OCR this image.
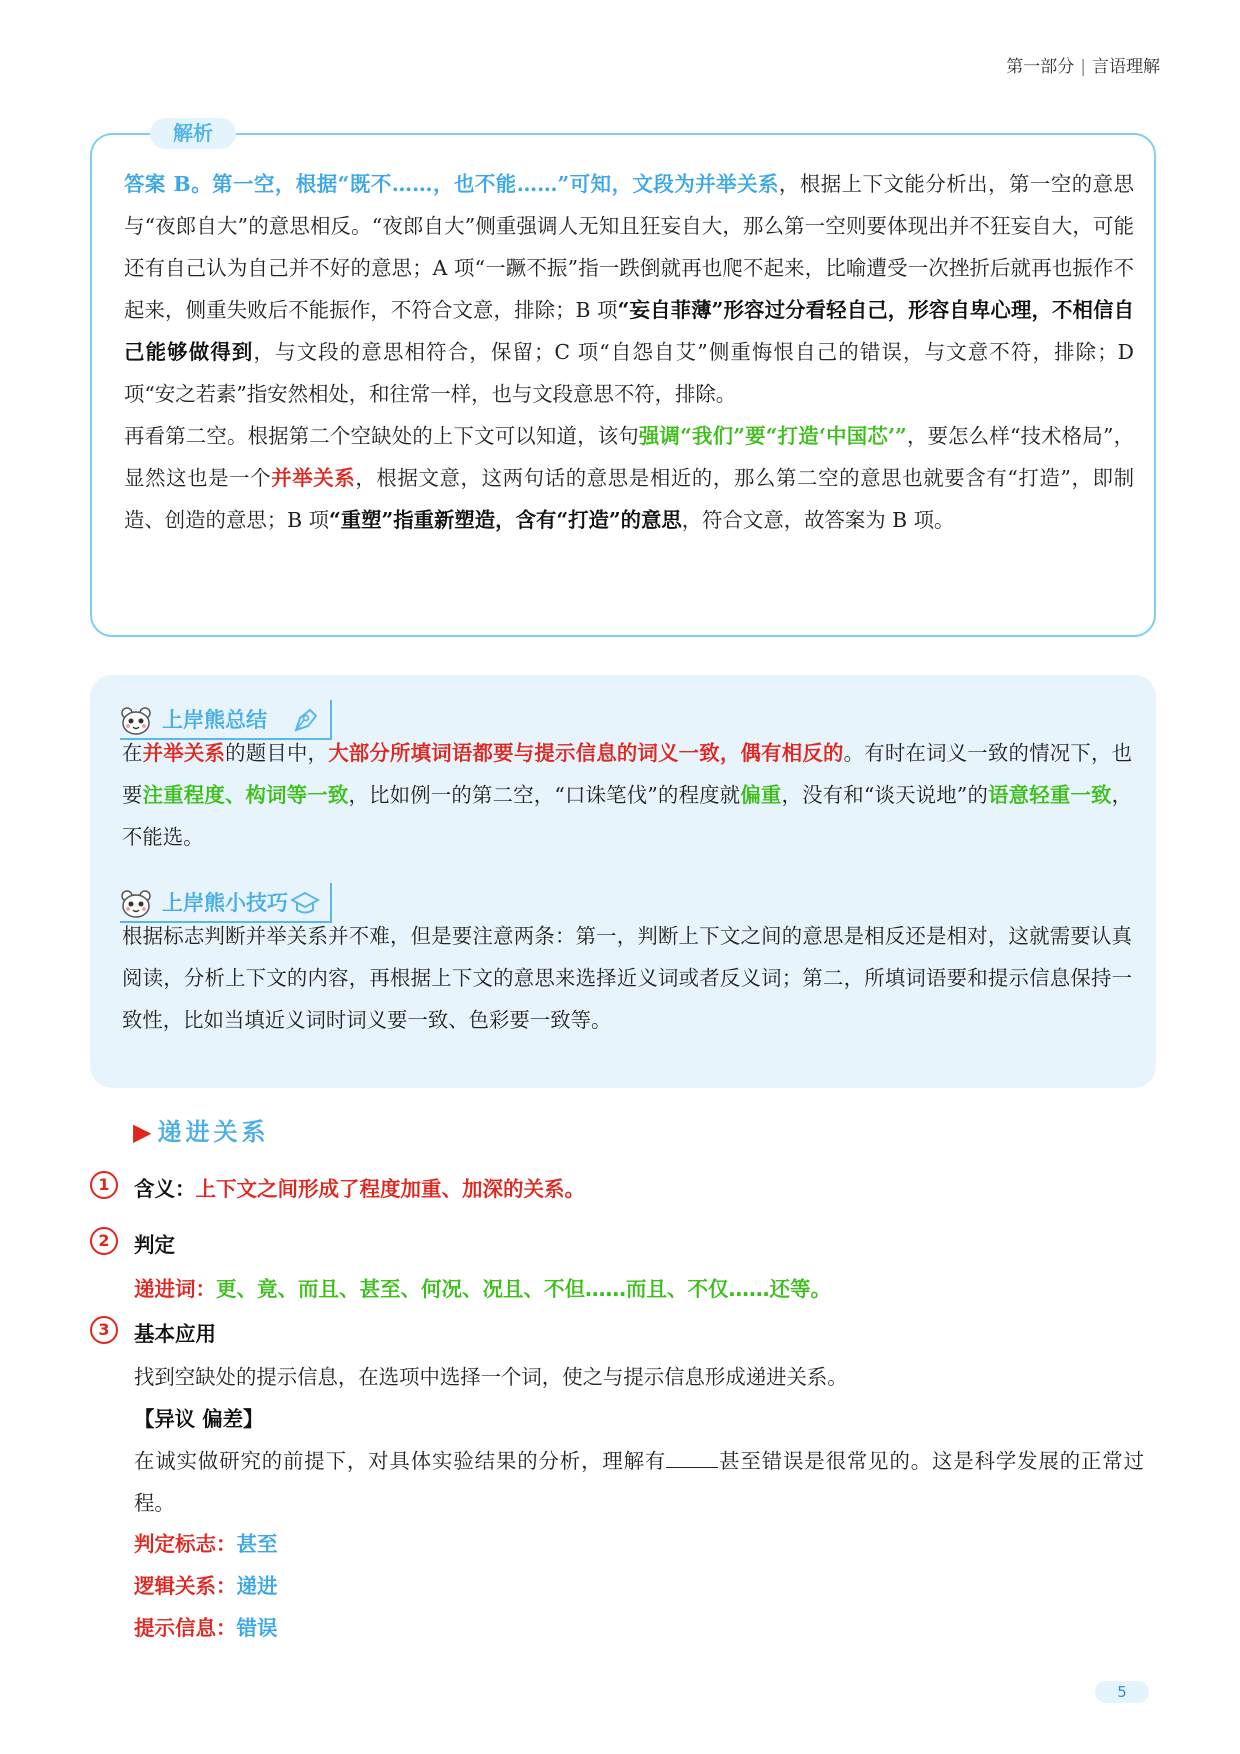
第一部分 | 言语理解
解析

答案 B。第一空，根据“既不……，也不能……”可知，文段为并举关系，根据上下文能分析出，第一空的意思与“夜郎自大”的意思相反。“夜郎自大”侧重强调人无知且狂妄自大，那么第一空则要体现出并不狂妄自大，可能还有自己认为自己并不好的意思；A 项“一蹶不振”指一跌倒就再也爬不起来，比喻遭受一次挫折后就再也振作不起来，侧重失败后不能振作，不符合文意，排除；B 项“妄自菲薄”形容过分看轻自己，形容自卑心理，不相信自己能够做得到，与文段的意思相符合，保留；C 项“自怨自艾”侧重悔恨自己的错误，与文意不符，排除；D 项“安之若素”指安然相处，和往常一样，也与文段意思不符，排除。

再看第二空。根据第二个空缺处的上下文可以知道，该句强调“我们”要“打造‘中国芯’”，要怎么样“技术格局”，显然这也是一个并举关系，根据文意，这两句话的意思是相近的，那么第二空的意思也就要含有“打造”，即制造、创造的意思；B 项“重塑”指重新塑造，含有“打造”的意思，符合文意，故答案为 B 项。

上岸熊总结
在并举关系的题目中，大部分所填词语都要与提示信息的词义一致，偶有相反的。有时在词义一致的情况下，也要注重程度、构词等一致，比如例一的第二空，“口诛笔伐”的程度就偏重，没有和“谈天说地”的语意轻重一致，不能选。
上岸熊小技巧
根据标志判断并举关系并不难，但是要注意两条：第一，判断上下文之间的意思是相反还是相对，这就需要认真阅读，分析上下文的内容，再根据上下文的意思来选择近义词或者反义词；第二，所填词语要和提示信息保持一致性，比如当填近义词时词义要一致、色彩要一致等。
▶ 递进关系
1	含义：上下文之间形成了程度加重、加深的关系。
2	判定
递进词：更、竟、而且、甚至、何况、况且、不但……而且、不仅……还等。
3	基本应用
找到空缺处的提示信息，在选项中选择一个词，使之与提示信息形成递进关系。
【异议 偏差】
在诚实做研究的前提下，对具体实验结果的分析，理解有	甚至错误是很常见的。这是科学发展的正常过程。
判定标志：甚至
逻辑关系：递进
提示信息：错误
5
